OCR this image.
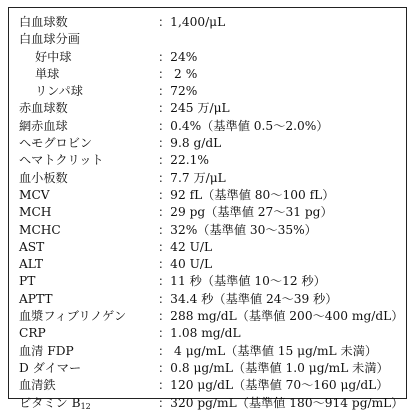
白血球数	：1,400/μL
白血球分画
好中球	：24%
単球	： 2 %
リンパ球	：72%
赤血球数	：245 万/μL
網赤血球	：0.4%（基準値 0.5～2.0%）
ヘモグロビン	：9.8 g/dL
ヘマトクリット	：22.1%
血小板数	：7.7 万/μL
MCV	：92 fL（基準値 80～100 fL）
MCH	：29 pg（基準値 27～31 pg）
MCHC	：32%（基準値 30～35%）
AST	：42 U/L
ALT	：40 U/L
PT	：11 秒（基準値 10～12 秒）
APTT	：34.4 秒（基準値 24～39 秒）
血漿フィブリノゲン	：288 mg/dL（基準値 200～400 mg/dL）
CRP	：1.08 mg/dL
血清 FDP	： 4 μg/mL（基準値 15 μg/mL 未満）
D ダイマー	：0.8 μg/mL（基準値 1.0 μg/mL 未満）
血清鉄	：120 μg/dL（基準値 70～160 μg/dL）
ビタミン $B_{12}$	：320 pg/mL（基準値 180～914 pg/mL）
